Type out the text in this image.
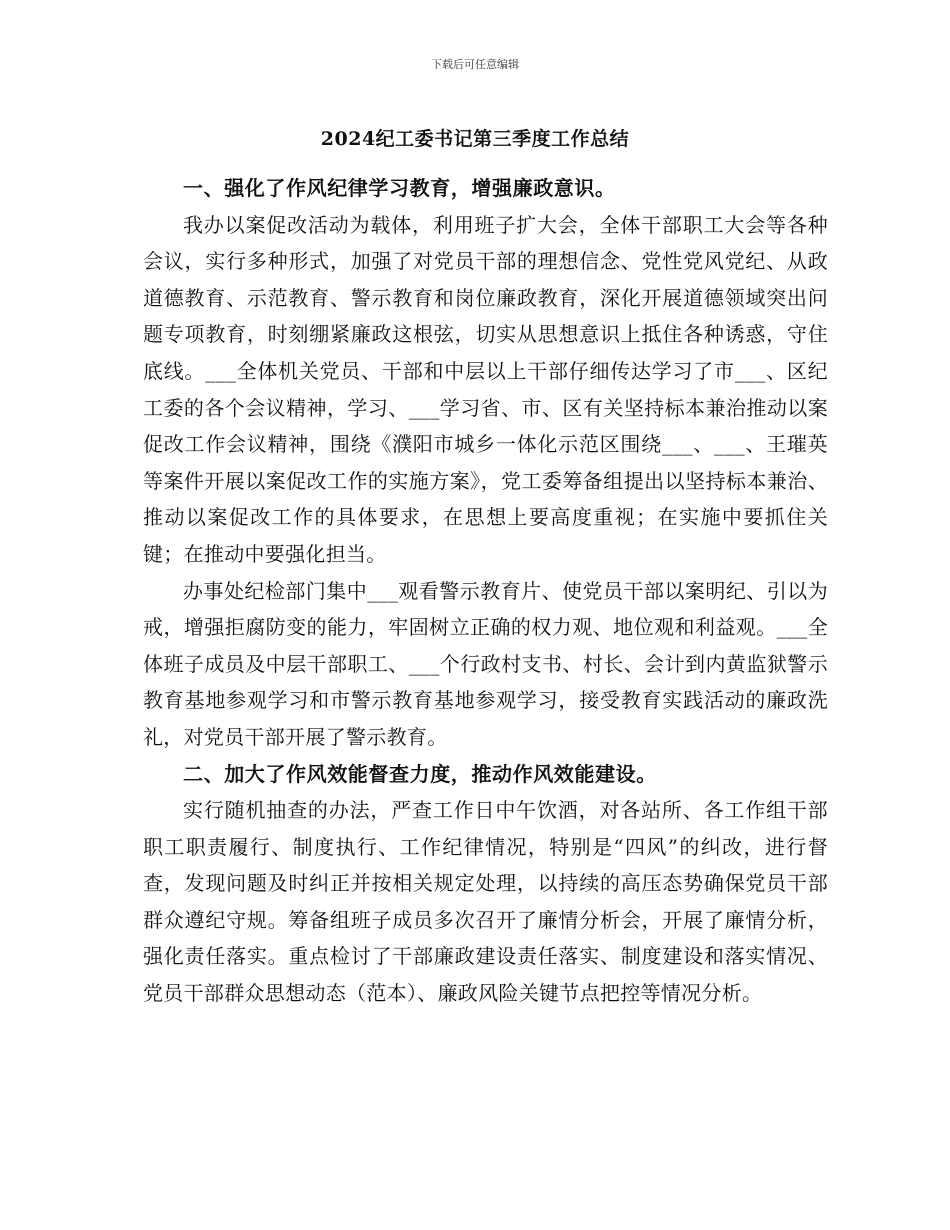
下载后可任意编辑
2024纪工委书记第三季度工作总结

一、强化了作风纪律学习教育，增强廉政意识。

我办以案促改活动为载体，利用班子扩大会，全体干部职工大会等各种会议，实行多种形式，加强了对党员干部的理想信念、党性党风党纪、从政道德教育、示范教育、警示教育和岗位廉政教育，深化开展道德领域突出问题专项教育，时刻绷紧廉政这根弦，切实从思想意识上抵住各种诱惑，守住底线。___全体机关党员、干部和中层以上干部仔细传达学习了市___、区纪工委的各个会议精神，学习、___学习省、市、区有关坚持标本兼治推动以案促改工作会议精神，围绕《濮阳市城乡一体化示范区围绕___、___、王璀英等案件开展以案促改工作的实施方案》，党工委筹备组提出以坚持标本兼治、推动以案促改工作的具体要求，在思想上要高度重视；在实施中要抓住关键；在推动中要强化担当。

办事处纪检部门集中___观看警示教育片、使党员干部以案明纪、引以为戒，增强拒腐防变的能力，牢固树立正确的权力观、地位观和利益观。___全体班子成员及中层干部职工、___个行政村支书、村长、会计到内黄监狱警示教育基地参观学习和市警示教育基地参观学习，接受教育实践活动的廉政洗礼，对党员干部开展了警示教育。

二、加大了作风效能督查力度，推动作风效能建设。

实行随机抽查的办法，严查工作日中午饮酒，对各站所、各工作组干部职工职责履行、制度执行、工作纪律情况，特别是“四风”的纠改，进行督查，发现问题及时纠正并按相关规定处理，以持续的高压态势确保党员干部群众遵纪守规。筹备组班子成员多次召开了廉情分析会，开展了廉情分析，强化责任落实。重点检讨了干部廉政建设责任落实、制度建设和落实情况、党员干部群众思想动态（范本）、廉政风险关键节点把控等情况分析。
